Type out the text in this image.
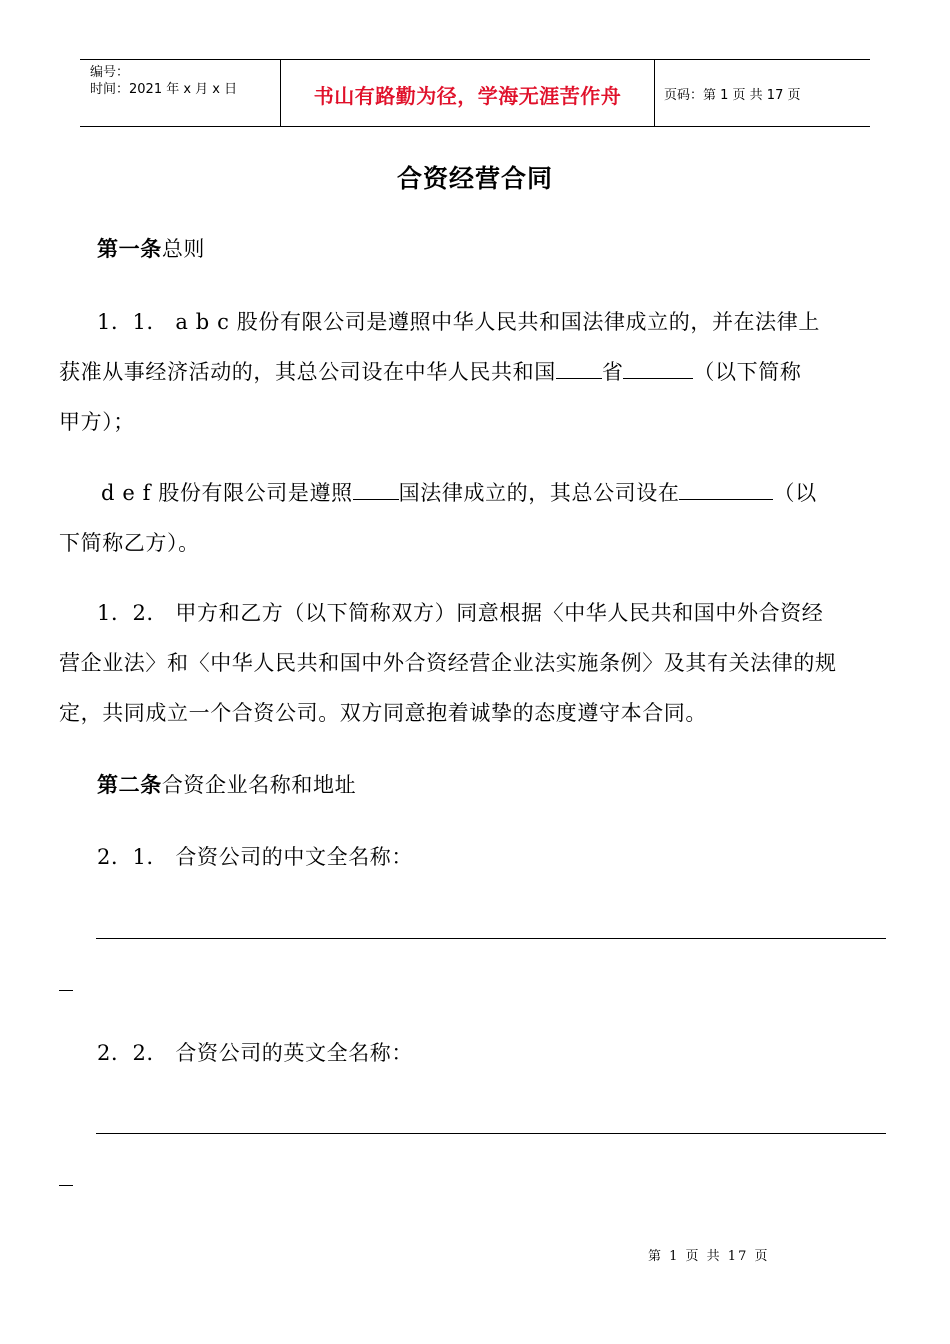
编号：
时间：2021 年 x 月 x 日	书山有路勤为径，学海无涯苦作舟	页码：第 1 页 共 17 页
合资经营合同

第一条总则

1．1． a b c 股份有限公司是遵照中华人民共和国法律成立的，并在法律上

获准从事经济活动的，其总公司设在中华人民共和国 省	（以下简称

甲方）；

d e f 股份有限公司是遵照 国法律成立的，其总公司设在	（以

下简称乙方）。

1．2． 甲方和乙方（以下简称双方）同意根据〈中华人民共和国中外合资经

营企业法〉和〈中华人民共和国中外合资经营企业法实施条例〉及其有关法律的规

定，共同成立一个合资公司。双方同意抱着诚挚的态度遵守本合同。

第二条合资企业名称和地址

2．1． 合资公司的中文全名称：

2．2． 合资公司的英文全名称：

第 1 页 共 17 页
